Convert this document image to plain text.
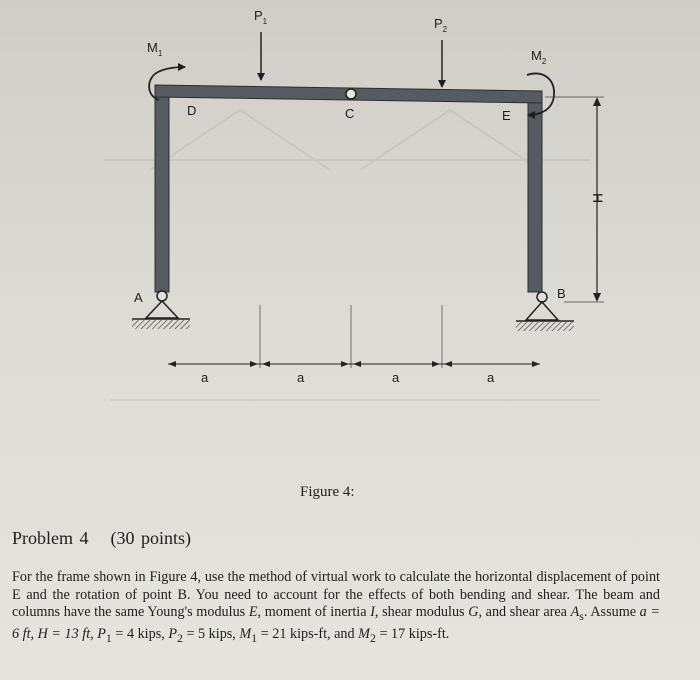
$P_1$	$P_2$
$M_1$	$M_2$
D	C	E
A	B
H
a	a	a	a
Figure 4:
Problem 4 (30 points)
For the frame shown in Figure 4, use the method of virtual work to calculate the horizontal displacement of point E and the rotation of point B. You need to account for the effects of both bending and shear. The beam and columns have the same Young's modulus E, moment of inertia I, shear modulus G, and shear area $A_s$. Assume a = 6 ft, H = 13 ft, $P_1 = 4$ kips, $P_2 = 5$ kips, $M_1 = 21$ kips-ft, and $M_2 = 17$ kips-ft.
